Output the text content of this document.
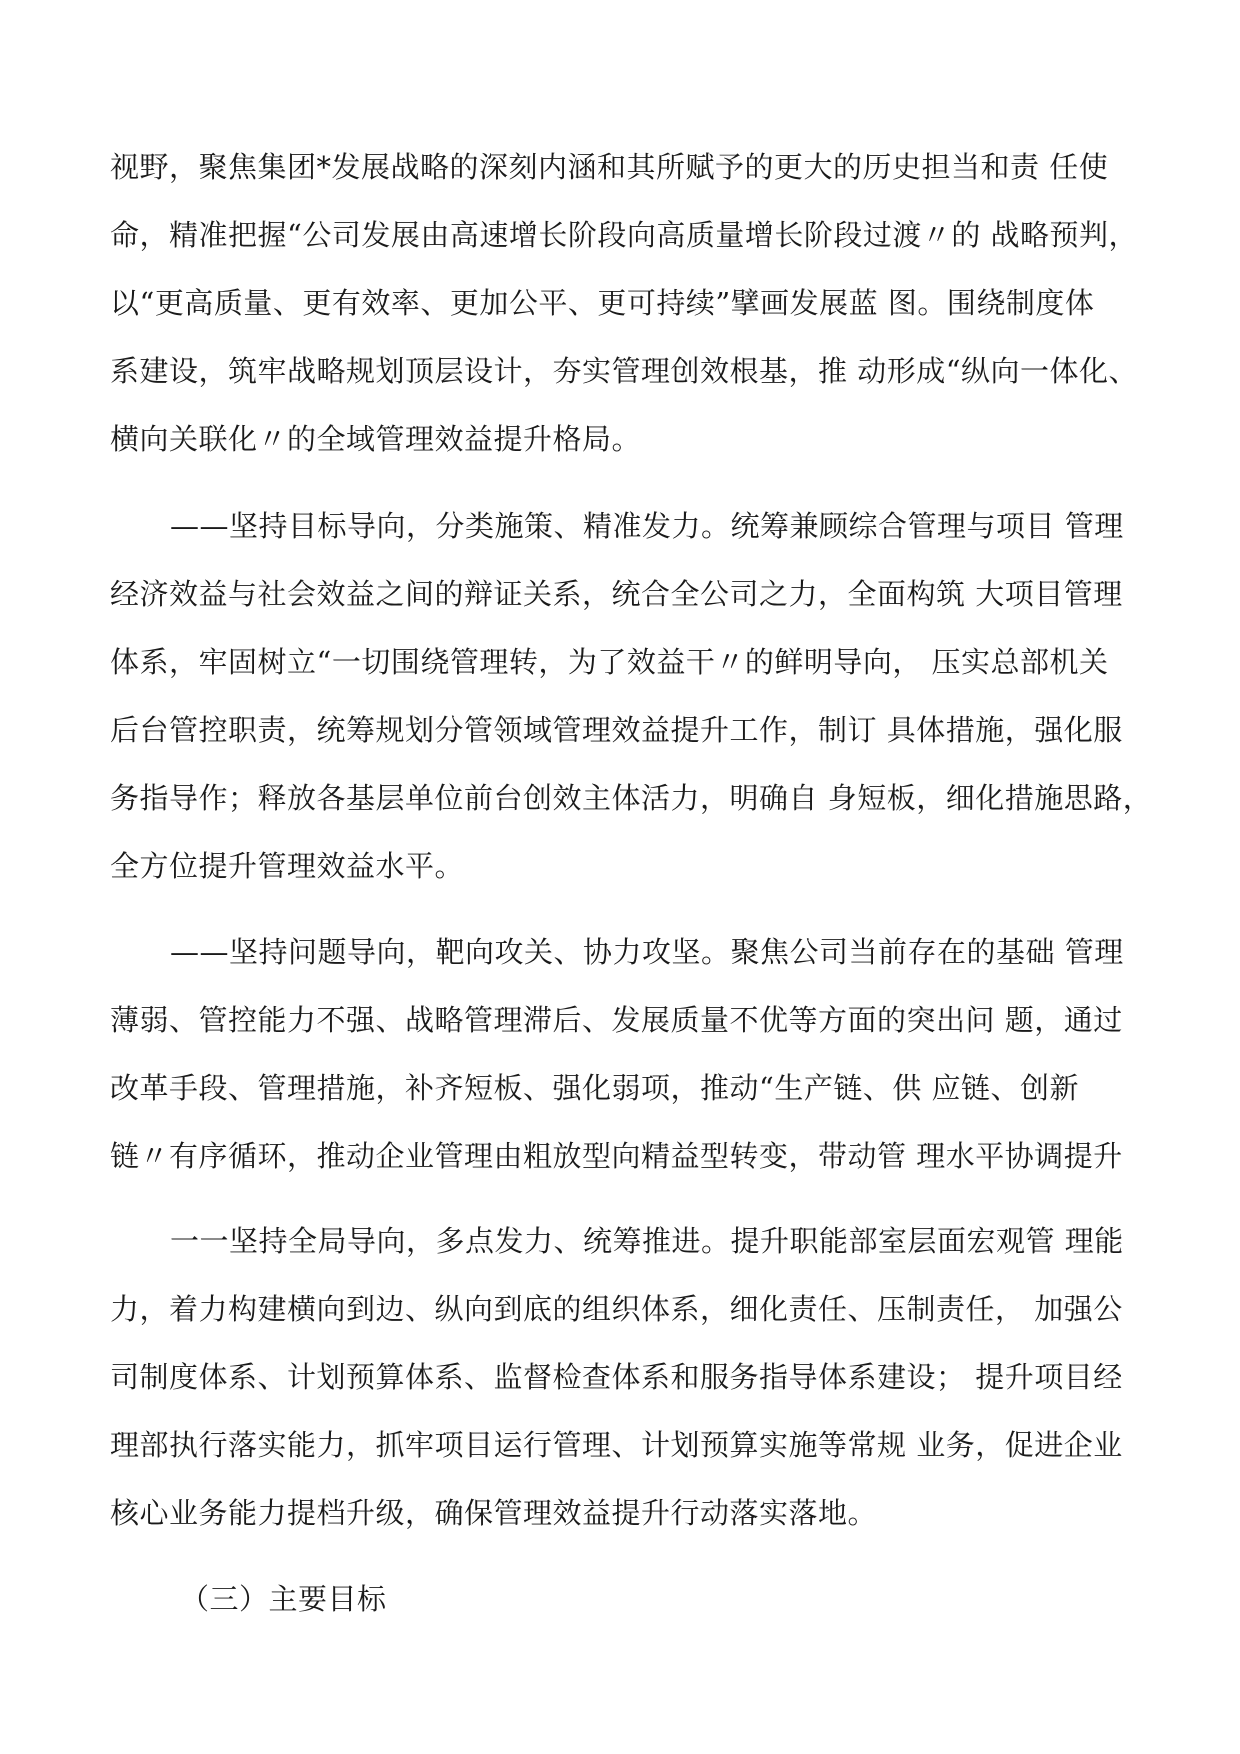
视野，聚焦集团*发展战略的深刻内涵和其所赋予的更大的历史担当和责 任使
命，精准把握“公司发展由高速增长阶段向高质量增长阶段过渡〃的 战略预判，
以“更高质量、更有效率、更加公平、更可持续”擘画发展蓝 图。围绕制度体
系建设，筑牢战略规划顶层设计，夯实管理创效根基，推 动形成“纵向一体化、
横向关联化〃的全域管理效益提升格局。
——坚持目标导向，分类施策、精准发力。统筹兼顾综合管理与项目 管理
经济效益与社会效益之间的辩证关系，统合全公司之力，全面构筑 大项目管理
体系，牢固树立“一切围绕管理转，为了效益干〃的鲜明导向， 压实总部机关
后台管控职责，统筹规划分管领域管理效益提升工作，制订 具体措施，强化服
务指导作；释放各基层单位前台创效主体活力，明确自 身短板，细化措施思路，
全方位提升管理效益水平。
——坚持问题导向，靶向攻关、协力攻坚。聚焦公司当前存在的基础 管理
薄弱、管控能力不强、战略管理滞后、发展质量不优等方面的突出问 题，通过
改革手段、管理措施，补齐短板、强化弱项，推动“生产链、供 应链、创新
链〃有序循环，推动企业管理由粗放型向精益型转变，带动管 理水平协调提升
一一坚持全局导向，多点发力、统筹推进。提升职能部室层面宏观管 理能
力，着力构建横向到边、纵向到底的组织体系，细化责任、压制责任， 加强公
司制度体系、计划预算体系、监督检查体系和服务指导体系建设； 提升项目经
理部执行落实能力，抓牢项目运行管理、计划预算实施等常规 业务，促进企业
核心业务能力提档升级，确保管理效益提升行动落实落地。
（三）主要目标
